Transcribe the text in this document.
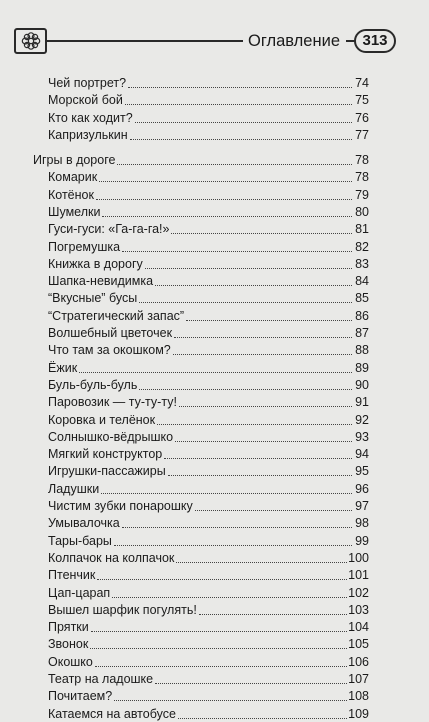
Оглавление	313
Чей портрет?	74
Морской бой	75
Кто как ходит?	76
Капризулькин	77
Игры в дороге	78
Комарик	78
Котёнок	79
Шумелки	80
Гуси-гуси: «Га-га-га!»	81
Погремушка	82
Книжка в дорогу	83
Шапка-невидимка	84
“Вкусные” бусы	85
“Стратегический запас”	86
Волшебный цветочек	87
Что там за окошком?	88
Ёжик	89
Буль-буль-буль	90
Паровозик — ту-ту-ту!	91
Коровка и телёнок	92
Солнышко-вёдрышко	93
Мягкий конструктор	94
Игрушки-пассажиры	95
Ладушки	96
Чистим зубки понарошку	97
Умывалочка	98
Тары-бары	99
Колпачок на колпачок	100
Птенчик	101
Цап-царап	102
Вышел шарфик погулять!	103
Прятки	104
Звонок	105
Окошко	106
Театр на ладошке	107
Почитаем?	108
Катаемся на автобусе	109
